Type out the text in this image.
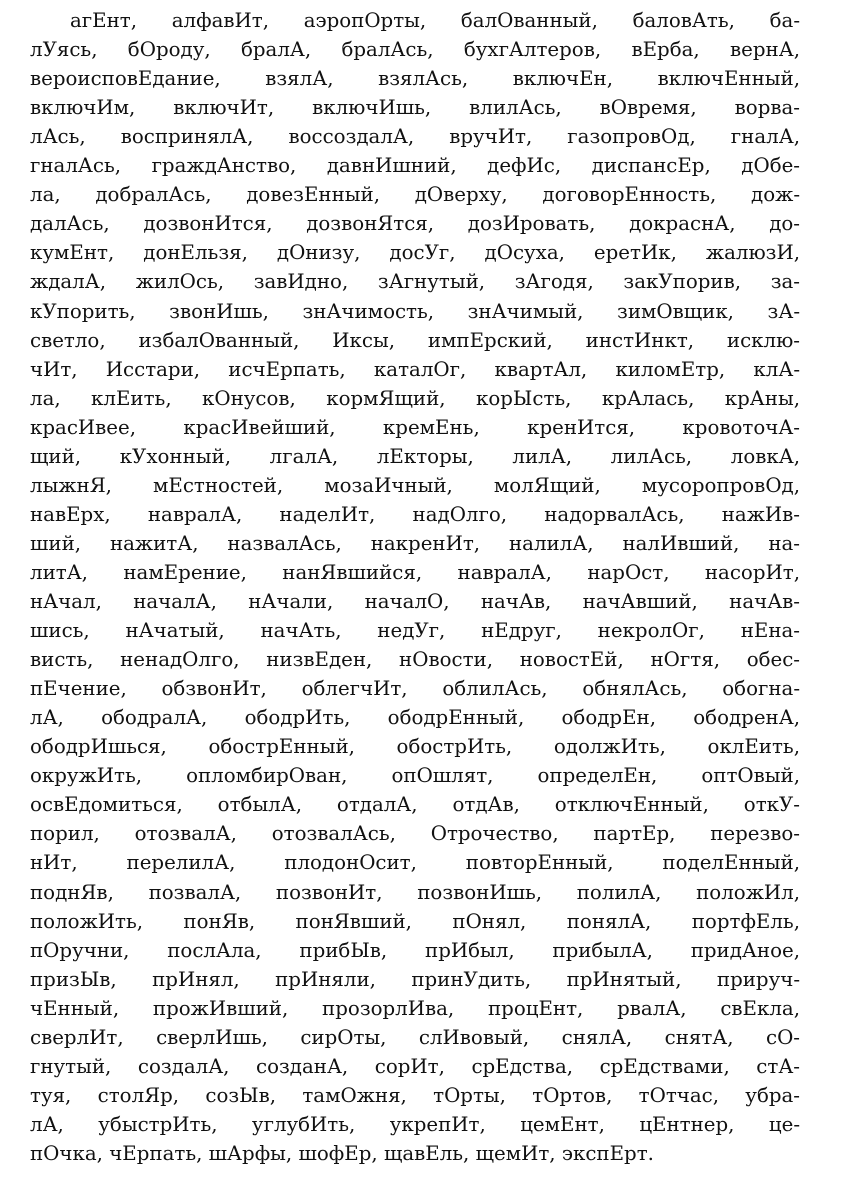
агЕнт, алфавИт, аэропОрты, балОванный, баловАть, ба-
лУясь, бОроду, бралА, бралАсь, бухгАлтеров, вЕрба, вернА,
вероисповЕдание, взялА, взялАсь, включЕн, включЕнный,
включИм, включИт, включИшь, влилАсь, вОвремя, ворва-
лАсь, воспринялА, воссоздалА, вручИт, газопровОд, гналА,
гналАсь, граждАнство, давнИшний, дефИс, диспансЕр, дОбе-
ла, добралАсь, довезЕнный, дОверху, договорЕнность, дож-
далАсь, дозвонИтся, дозвонЯтся, дозИровать, докраснА, до-
кумЕнт, донЕльзя, дОнизу, досУг, дОсуха, еретИк, жалюзИ,
ждалА, жилОсь, завИдно, зАгнутый, зАгодя, закУпорив, за-
кУпорить, звонИшь, знАчимость, знАчимый, зимОвщик, зА-
светло, избалОванный, Иксы, импЕрский, инстИнкт, исклю-
чИт, Исстари, исчЕрпать, каталОг, квартАл, киломЕтр, клА-
ла, клЕить, кОнусов, кормЯщий, корЫсть, крАлась, крАны,
красИвее, красИвейший, кремЕнь, кренИтся, кровоточА-
щий, кУхонный, лгалА, лЕкторы, лилА, лилАсь, ловкА,
лыжнЯ, мЕстностей, мозаИчный, молЯщий, мусоропровОд,
навЕрх, навралА, наделИт, надОлго, надорвалАсь, нажИв-
ший, нажитА, назвалАсь, накренИт, налилА, налИвший, на-
литА, намЕрение, нанЯвшийся, навралА, нарОст, насорИт,
нАчал, началА, нАчали, началО, начАв, начАвший, начАв-
шись, нАчатый, начАть, недУг, нЕдруг, некролОг, нЕна-
висть, ненадОлго, низвЕден, нОвости, новостЕй, нОгтя, обес-
пЕчение, обзвонИт, облегчИт, облилАсь, обнялАсь, обогна-
лА, ободралА, ободрИть, ободрЕнный, ободрЕн, ободренА,
ободрИшься, обострЕнный, обострИть, одолжИть, оклЕить,
окружИть, опломбирОван, опОшлят, определЕн, оптОвый,
освЕдомиться, отбылА, отдалА, отдАв, отключЕнный, откУ-
порил, отозвалА, отозвалАсь, Отрочество, партЕр, перезво-
нИт, перелилА, плодонОсит, повторЕнный, поделЕнный,
поднЯв, позвалА, позвонИт, позвонИшь, полилА, положИл,
положИть, понЯв, понЯвший, пОнял, понялА, портфЕль,
пОручни, послАла, прибЫв, прИбыл, прибылА, придАное,
призЫв, прИнял, прИняли, принУдить, прИнятый, прируч-
чЕнный, прожИвший, прозорлИва, процЕнт, рвалА, свЕкла,
сверлИт, сверлИшь, сирОты, слИвовый, снялА, снятА, сО-
гнутый, создалА, созданА, сорИт, срЕдства, срЕдствами, стА-
туя, столЯр, созЫв, тамОжня, тОрты, тОртов, тОтчас, убра-
лА, убыстрИть, углубИть, укрепИт, цемЕнт, цЕнтнер, це-
пОчка, чЕрпать, шАрфы, шофЕр, щавЕль, щемИт, экспЕрт.
